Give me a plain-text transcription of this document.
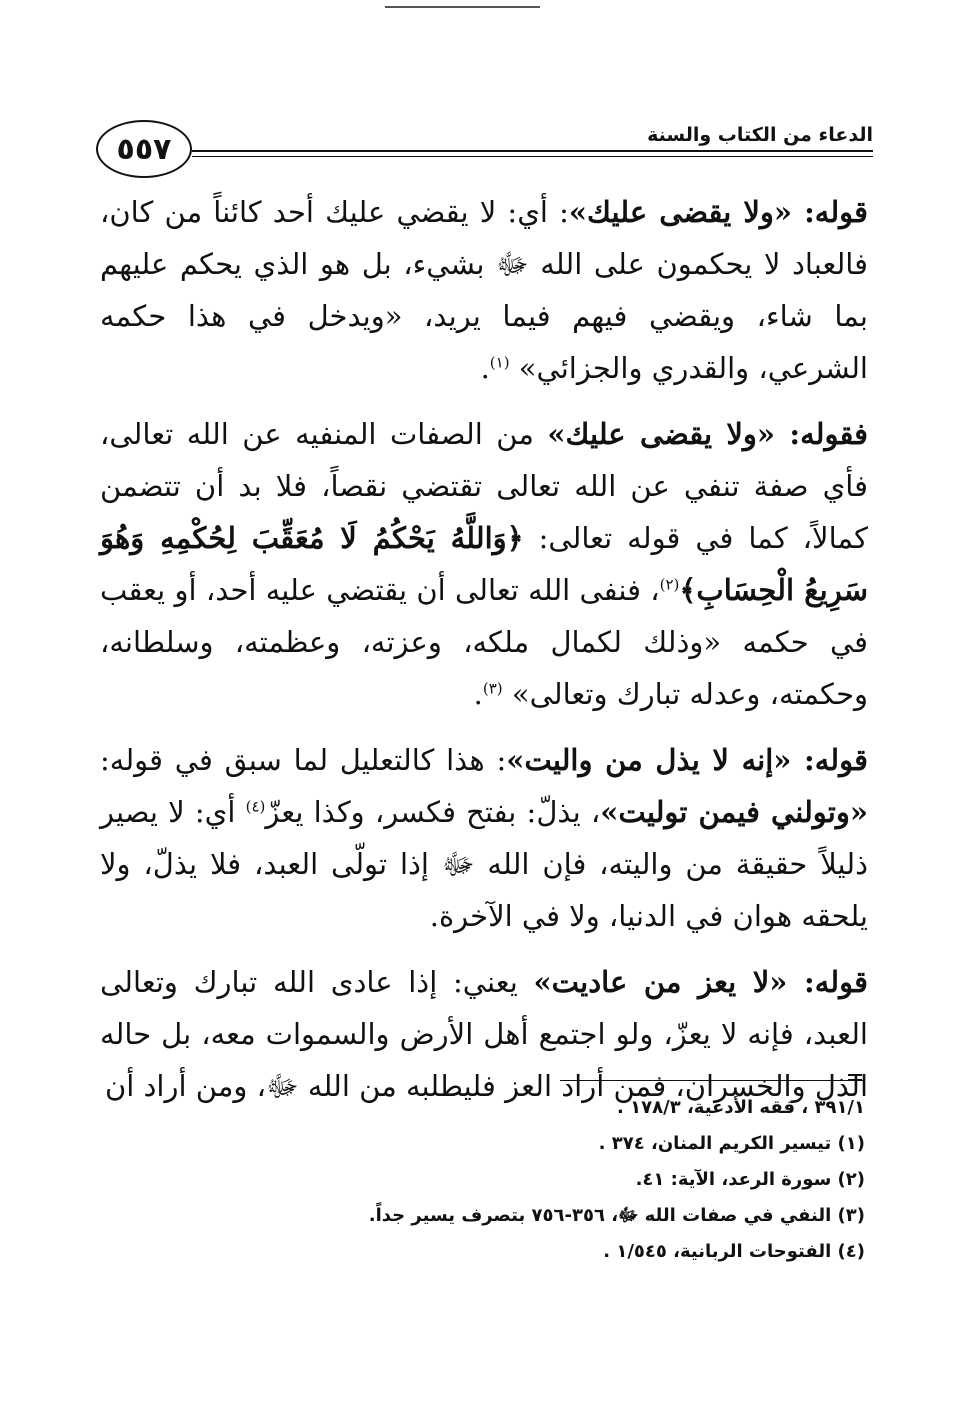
الدعاء من الكتاب والسنة
٥٥٧

قوله: «ولا يقضى عليك»: أي: لا يقضي عليك أحد كائناً من كان، فالعباد لا يحكمون على الله ﷻ بشيء، بل هو الذي يحكم عليهم بما شاء، ويقضي فيهم فيما يريد، «ويدخل في هذا حكمه الشرعي، والقدري والجزائي» $^{(١)}$.

فقوله: «ولا يقضى عليك» من الصفات المنفيه عن الله تعالى، فأي صفة تنفي عن الله تعالى تقتضي نقصاً، فلا بد أن تتضمن كمالاً، كما في قوله تعالى: ﴿وَاللَّهُ يَحْكُمُ لَا مُعَقِّبَ لِحُكْمِهِ وَهُوَ سَرِيعُ الْحِسَابِ﴾$^{(٢)}$، فنفى الله تعالى أن يقتضي عليه أحد، أو يعقب في حكمه «وذلك لكمال ملكه، وعزته، وعظمته، وسلطانه، وحكمته، وعدله تبارك وتعالى» $^{(٣)}$.

قوله: «إنه لا يذل من واليت»: هذا كالتعليل لما سبق في قوله: «وتولني فيمن توليت»، يذلّ: بفتح فكسر، وكذا يعزّ$^{(٤)}$ أي: لا يصير ذليلاً حقيقة من واليته، فإن الله ﷻ إذا تولّى العبد، فلا يذلّ، ولا يلحقه هوان في الدنيا، ولا في الآخرة.

قوله: «لا يعز من عاديت» يعني: إذا عادى الله تبارك وتعالى العبد، فإنه لا يعزّ، ولو اجتمع أهل الأرض والسموات معه، بل حاله الذل والخسران، فمن أراد العز فليطلبه من الله ﷻ، ومن أراد أن

٣٩١/١ ، فقه الأدعية، ١٧٨/٣ .
(١) تيسير الكريم المنان، ٣٧٤ .
(٢) سورة الرعد، الآية: ٤١.
(٣) النفي في صفات الله ﷻ، ٣٥٦-٧٥٦ بتصرف يسير جداً.
(٤) الفتوحات الربانية، ١/٥٤٥ .
